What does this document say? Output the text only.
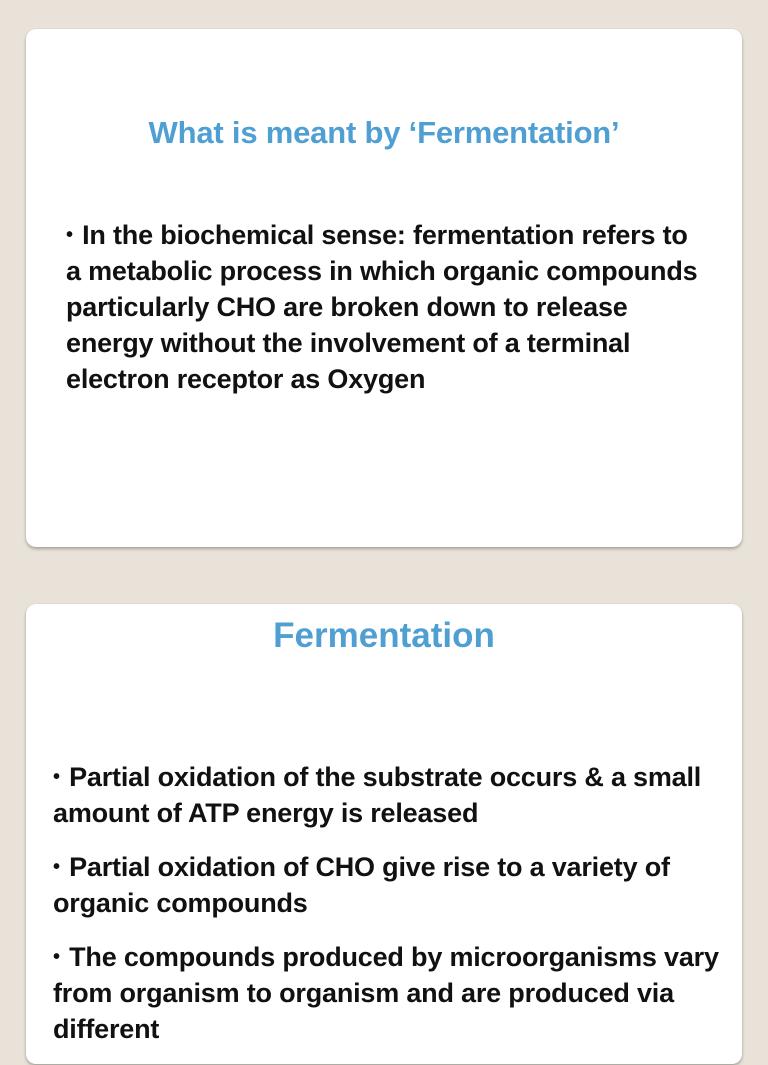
What is meant by ‘Fermentation’

• In the biochemical sense: fermentation refers to a metabolic process in which organic compounds particularly CHO are broken down to release energy without the involvement of a terminal electron receptor as Oxygen

Fermentation
• Partial oxidation of the substrate occurs & a small amount of ATP energy is released
• Partial oxidation of CHO give rise to a variety of organic compounds
• The compounds produced by microorganisms vary from organism to organism and are produced via different
